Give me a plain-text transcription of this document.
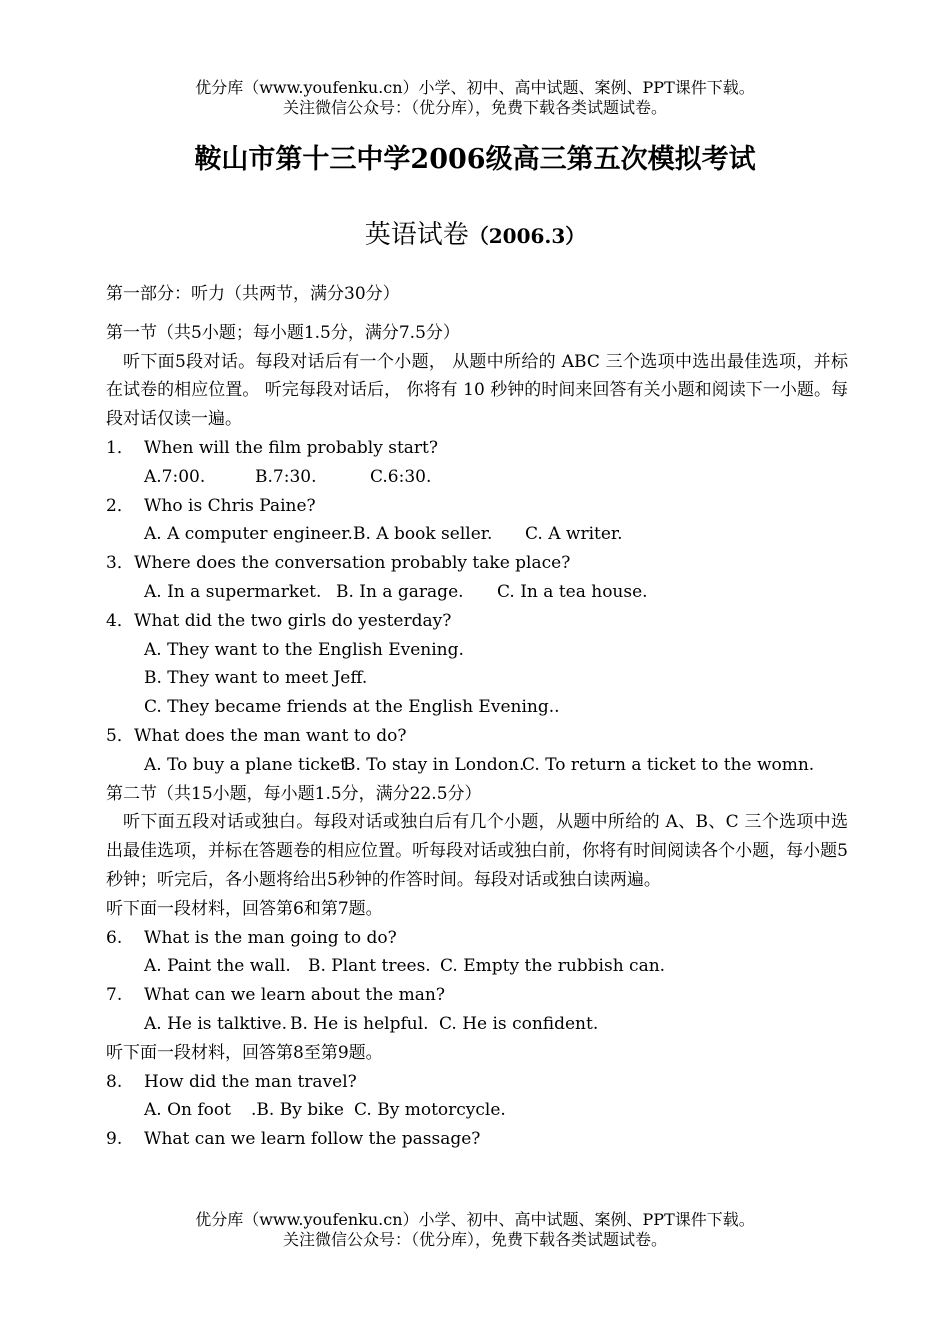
优分库（www.youfenku.cn）小学、初中、高中试题、案例、PPT课件下载。
关注微信公众号：（优分库），免费下载各类试题试卷。
鞍山市第十三中学2006级高三第五次模拟考试
英语试卷（2006.3）
第一部分：听力（共两节，满分30分）
第一节（共5小题；每小题1.5分，满分7.5分）
听下面5段对话。每段对话后有一个小题， 从题中所给的 ABC 三个选项中选出最佳选项，并标在试卷的相应位置。 听完每段对话后， 你将有 10 秒钟的时间来回答有关小题和阅读下一小题。每段对话仅读一遍。
1． When will the film probably start?
A.7:00.	B.7:30.	C.6:30.
2． Who is Chris Paine?
A. A computer engineer.B. A book seller. C. A writer.
3．Where does the conversation probably take place?
A. In a supermarket. B. In a garage. C. In a tea house.
4．What did the two girls do yesterday?
A. They want to the English Evening.
B. They want to meet Jeff.
C. They became friends at the English Evening..
5．What does the man want to do?
A. To buy a plane ticket.B. To stay in London.C. To return a ticket to the womn.
第二节（共15小题，每小题1.5分，满分22.5分）
听下面五段对话或独白。每段对话或独白后有几个小题，从题中所给的 A、B、C 三个选项中选出最佳选项，并标在答题卷的相应位置。听每段对话或独白前，你将有时间阅读各个小题，每小题5秒钟；听完后，各小题将给出5秒钟的作答时间。每段对话或独白读两遍。
听下面一段材料，回答第6和第7题。
6. What is the man going to do?
A. Paint the wall. B. Plant trees. C. Empty the rubbish can.
7. What can we learn about the man?
A. He is talktive. B. He is helpful. C. He is confident.
听下面一段材料，回答第8至第9题。
8. How did the man travel?
A. On foot .B. By bike C. By motorcycle.
9. What can we learn follow the passage?
优分库（www.youfenku.cn）小学、初中、高中试题、案例、PPT课件下载。
关注微信公众号：（优分库），免费下载各类试题试卷。
